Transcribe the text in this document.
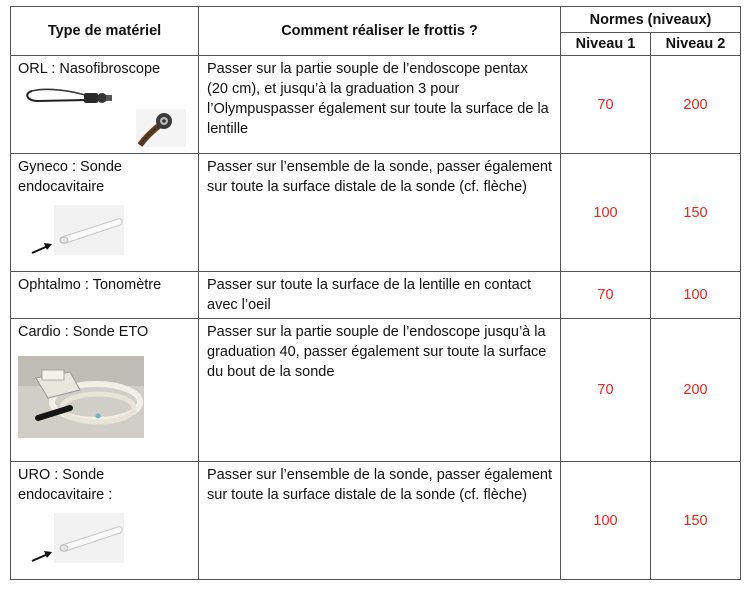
Type de matériel	Comment réaliser le frottis ?	Normes (niveaux)	
		Niveau 1	Niveau 2

ORL : Nasofibroscope	Passer sur la partie souple de l’endoscope pentax (20 cm), et jusqu’à la graduation 3 pour l’Olympuspasser également sur toute la surface de la lentille	70	200

Gyneco : Sonde endocavitaire	Passer sur l’ensemble de la sonde, passer également sur toute la surface distale de la sonde (cf. flèche)	100	150

Ophtalmo : Tonomètre	Passer sur toute la surface de la lentille en contact avec l’oeil	70	100

Cardio : Sonde ETO	Passer sur la partie souple de l’endoscope jusqu’à la graduation 40, passer également sur toute la surface du bout de la sonde	70	200

URO : Sonde endocavitaire :	Passer sur l’ensemble de la sonde, passer également sur toute la surface distale de la sonde (cf. flèche)	100	150
